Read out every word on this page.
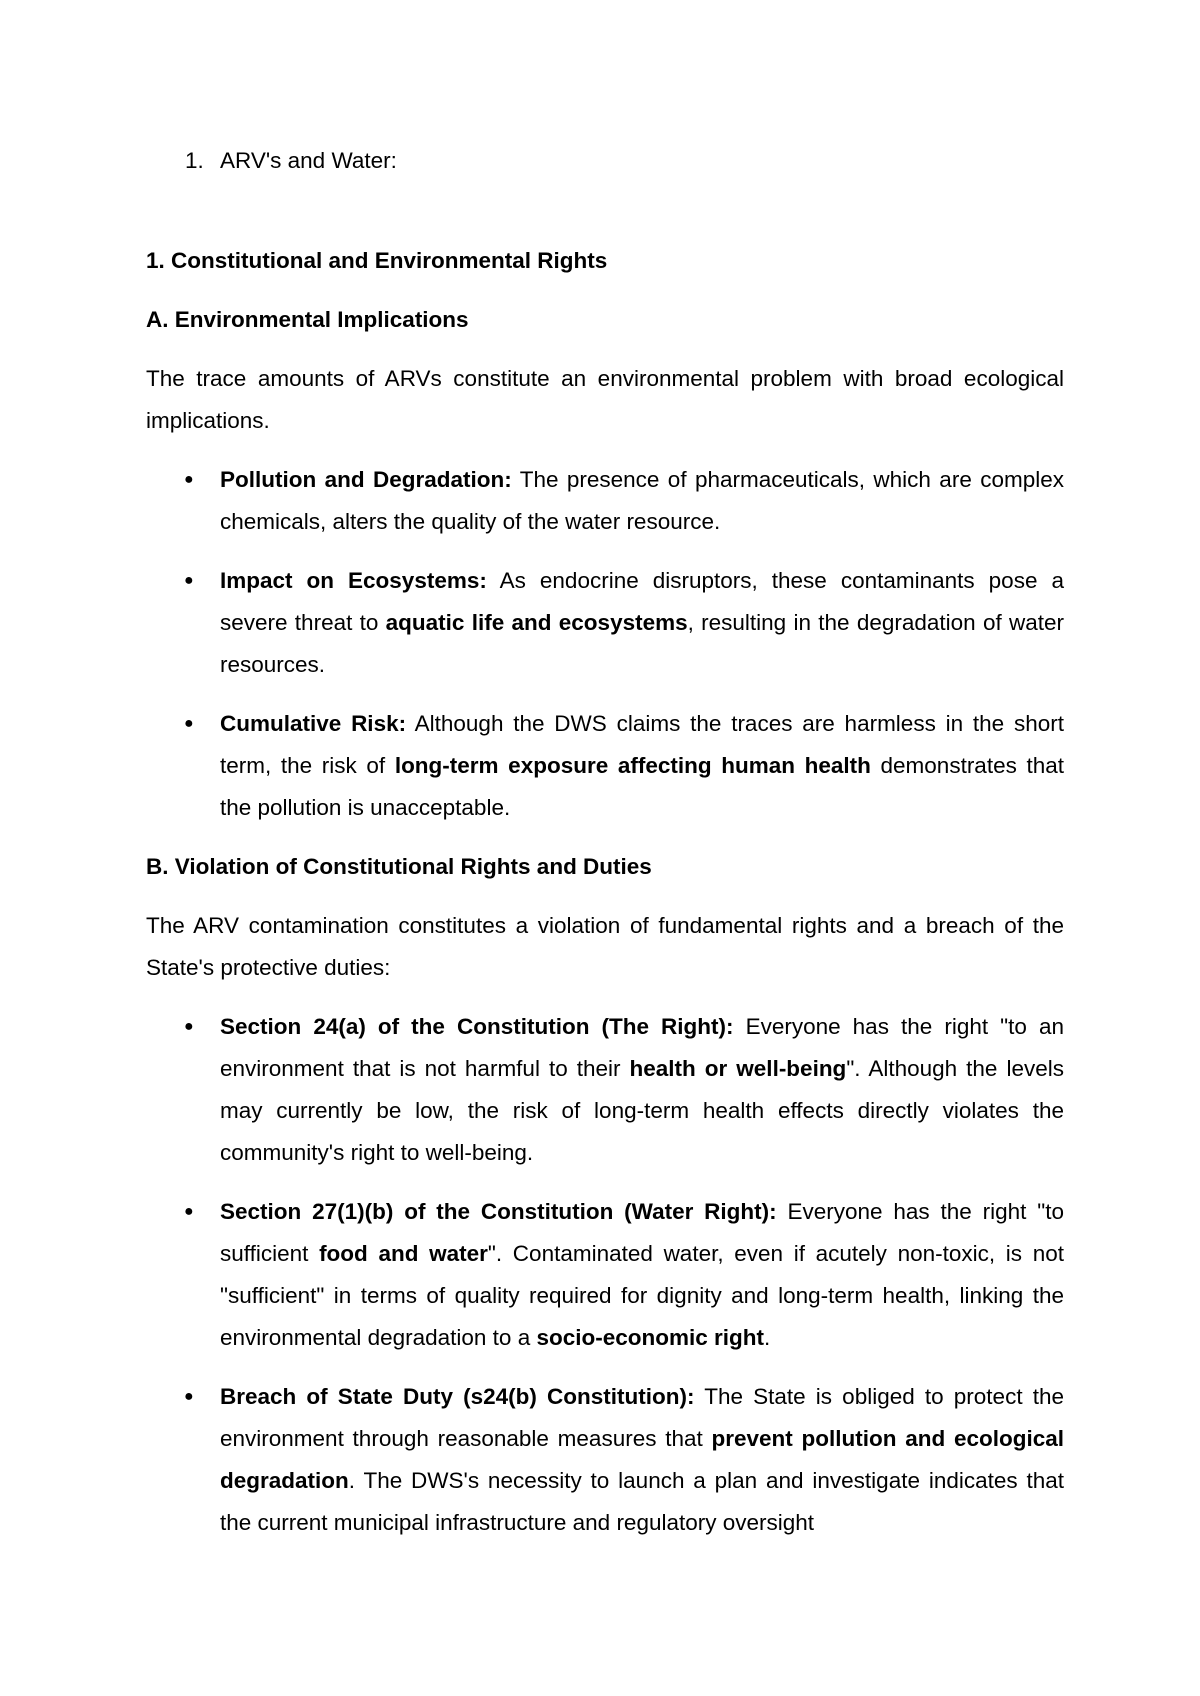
1. ARV's and Water:
1. Constitutional and Environmental Rights
A. Environmental Implications
The trace amounts of ARVs constitute an environmental problem with broad ecological implications.
● Pollution and Degradation: The presence of pharmaceuticals, which are complex chemicals, alters the quality of the water resource.
● Impact on Ecosystems: As endocrine disruptors, these contaminants pose a severe threat to aquatic life and ecosystems, resulting in the degradation of water resources.
● Cumulative Risk: Although the DWS claims the traces are harmless in the short term, the risk of long-term exposure affecting human health demonstrates that the pollution is unacceptable.
B. Violation of Constitutional Rights and Duties
The ARV contamination constitutes a violation of fundamental rights and a breach of the State's protective duties:
● Section 24(a) of the Constitution (The Right): Everyone has the right "to an environment that is not harmful to their health or well-being". Although the levels may currently be low, the risk of long-term health effects directly violates the community's right to well-being.
● Section 27(1)(b) of the Constitution (Water Right): Everyone has the right "to sufficient food and water". Contaminated water, even if acutely non-toxic, is not "sufficient" in terms of quality required for dignity and long-term health, linking the environmental degradation to a socio-economic right.
● Breach of State Duty (s24(b) Constitution): The State is obliged to protect the environment through reasonable measures that prevent pollution and ecological degradation. The DWS's necessity to launch a plan and investigate indicates that the current municipal infrastructure and regulatory oversight
